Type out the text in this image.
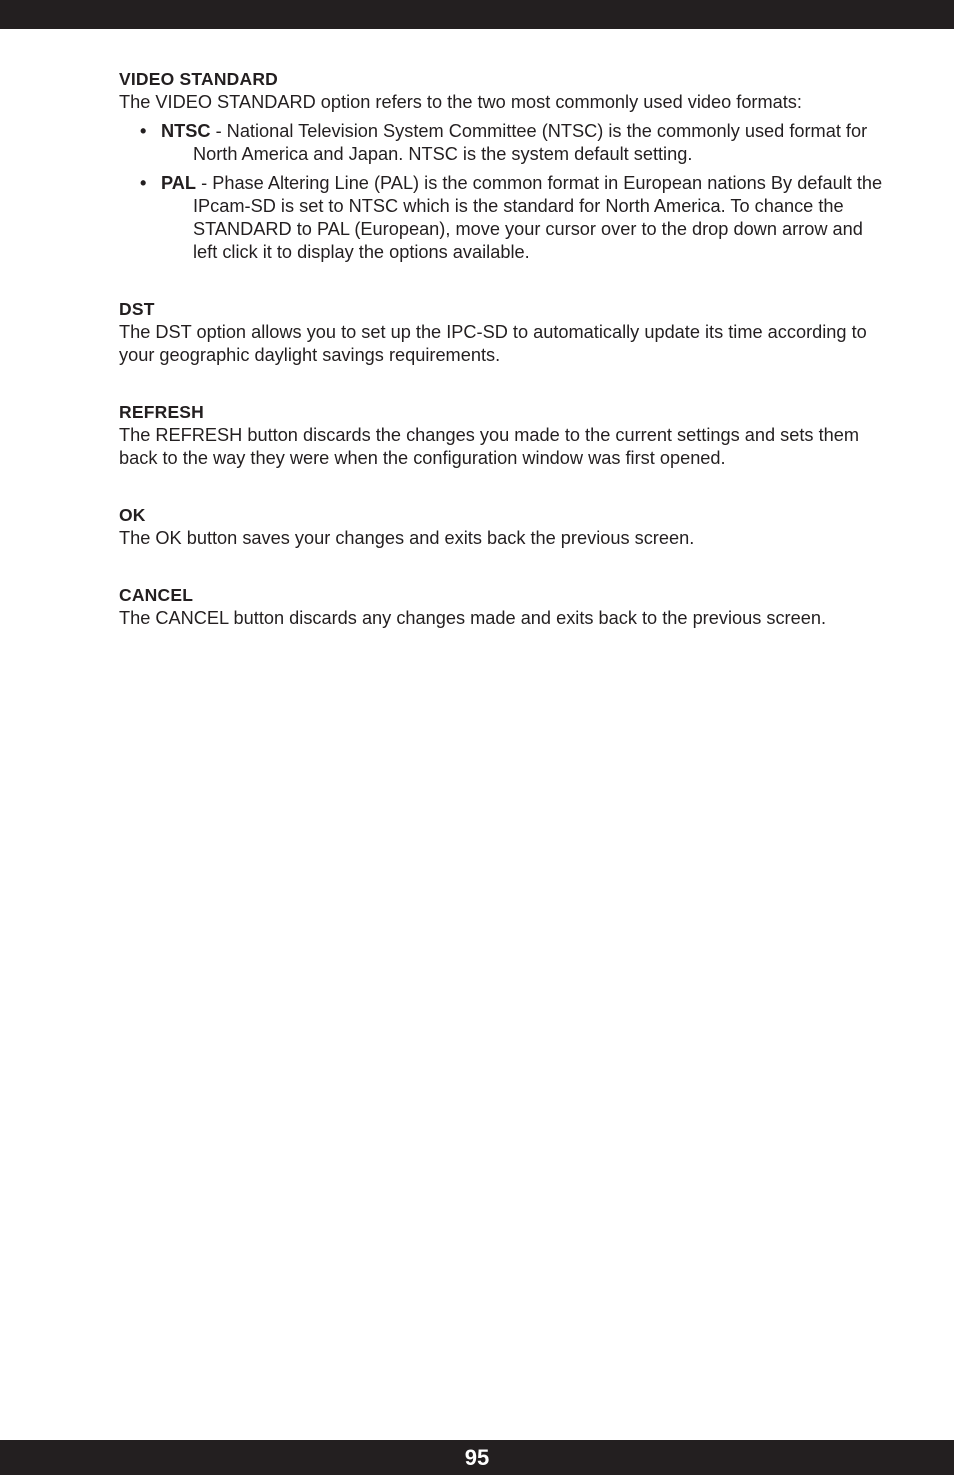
VIDEO STANDARD
The VIDEO STANDARD option refers to the two most commonly used video formats:
• NTSC - National Television System Committee (NTSC) is the commonly used format for North America and Japan. NTSC is the system default setting.
• PAL - Phase Altering Line (PAL) is the common format in European nations By default the IPcam-SD is set to NTSC which is the standard for North America. To chance the STANDARD to PAL (European), move your cursor over to the drop down arrow and left click it to display the options available.
DST
The DST option allows you to set up the IPC-SD to automatically update its time according to your geographic daylight savings requirements.
REFRESH
The REFRESH button discards the changes you made to the current settings and sets them back to the way they were when the configuration window was first opened.
OK
The OK button saves your changes and exits back the previous screen.
CANCEL
The CANCEL button discards any changes made and exits back to the previous screen.
95
